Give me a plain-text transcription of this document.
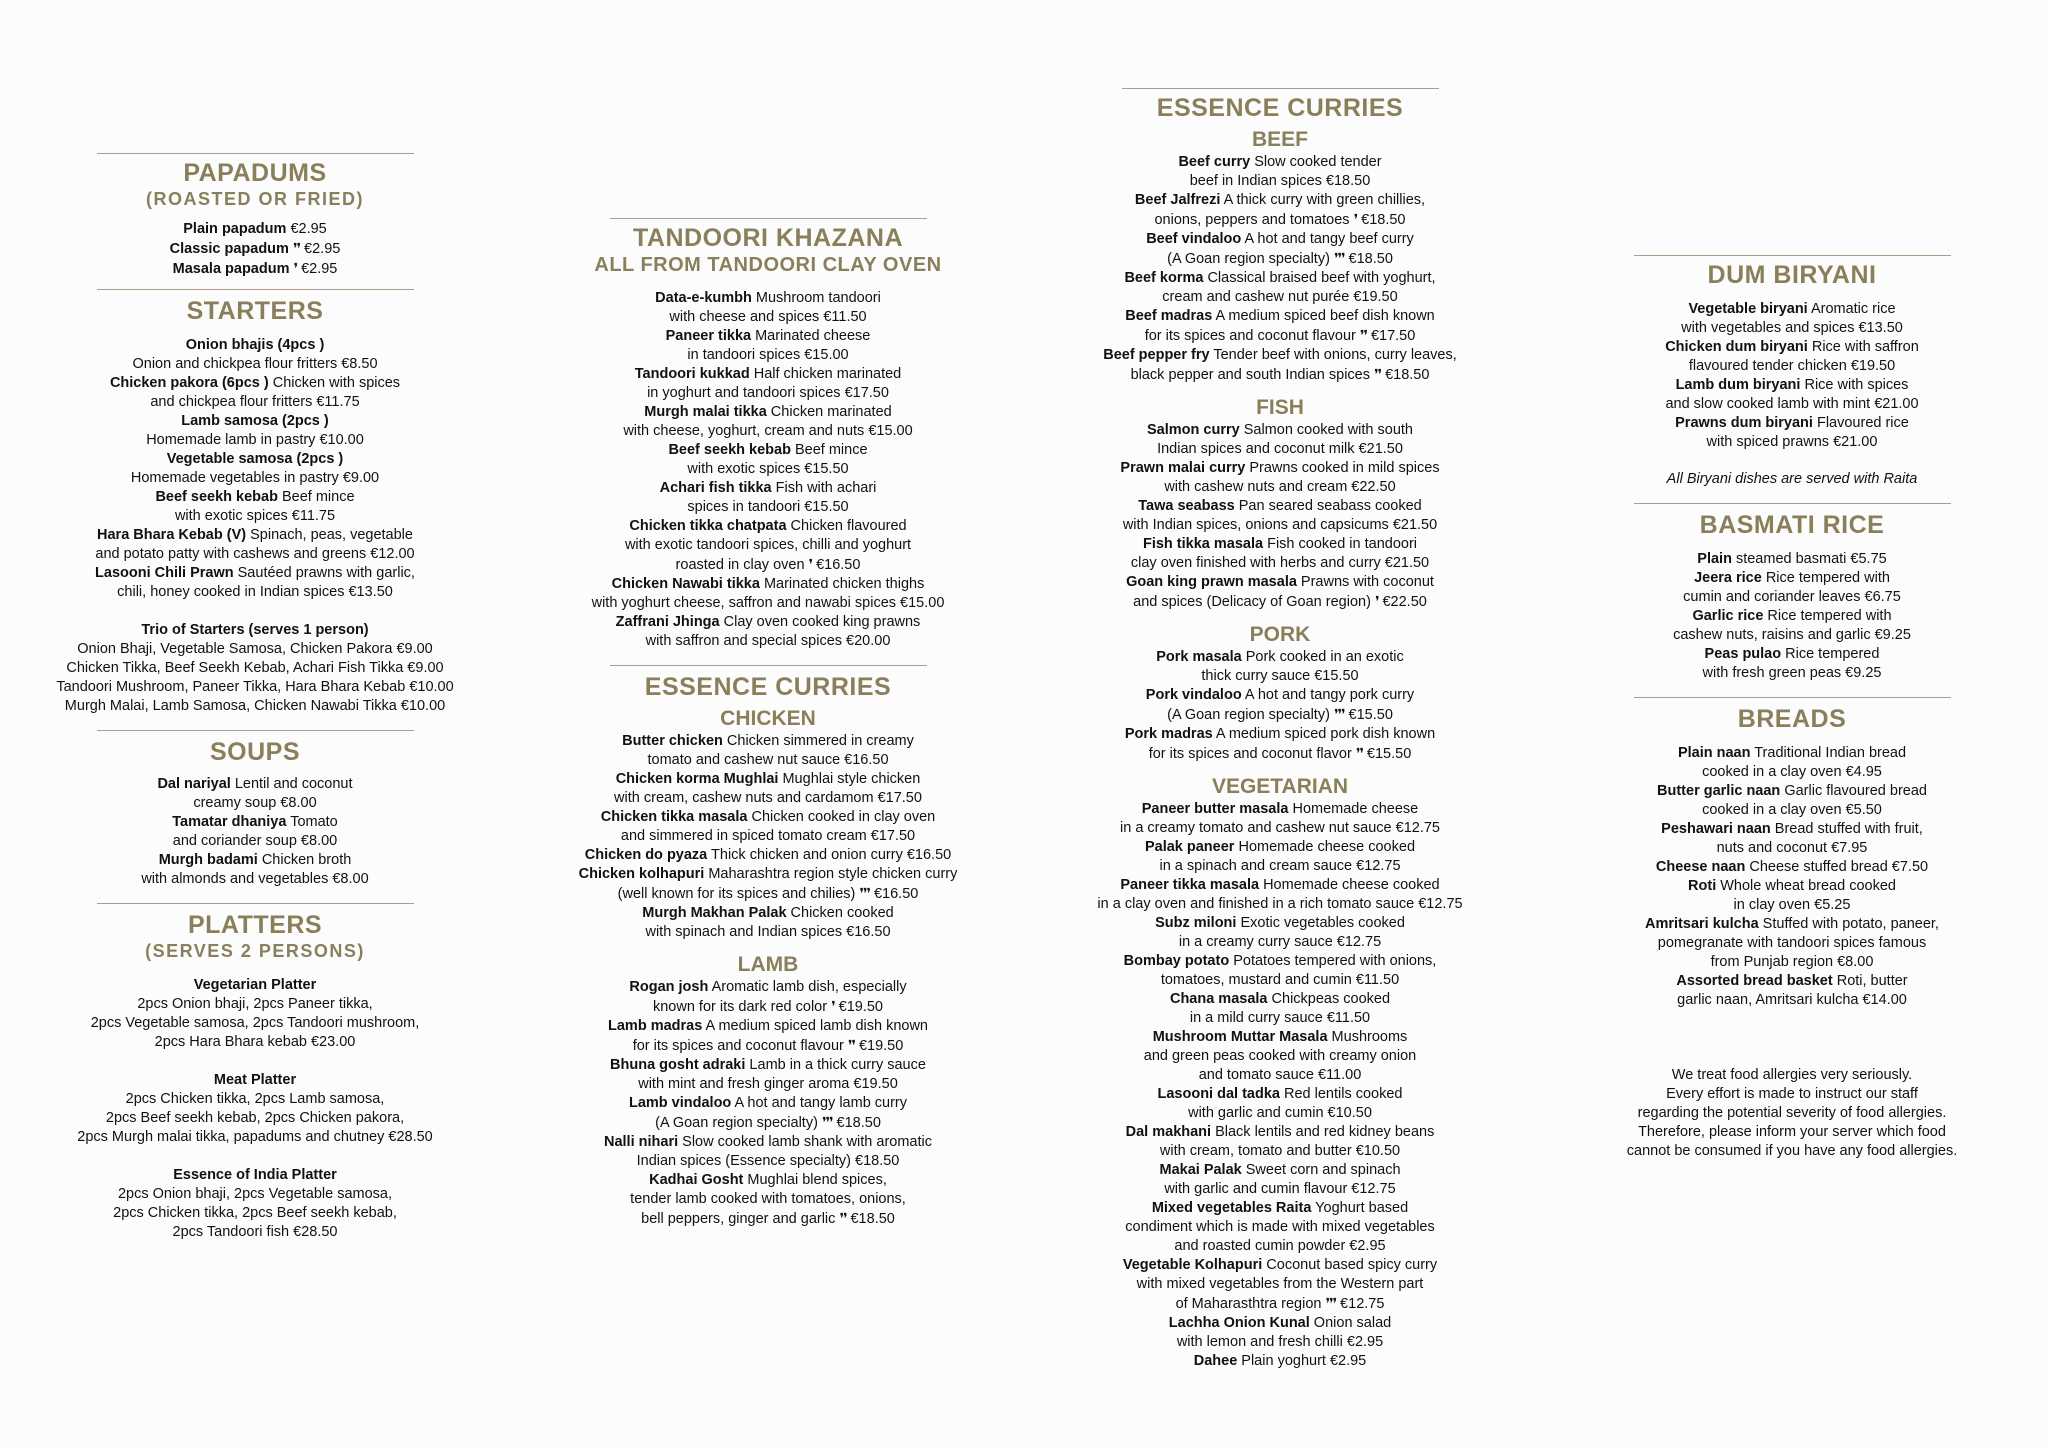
PAPADUMS
(ROASTED OR FRIED)
Plain papadum €2.95
Classic papadum ❜❜ €2.95
Masala papadum ❜ €2.95
STARTERS
Onion bhajis (4pcs )
Onion and chickpea flour fritters €8.50
Chicken pakora (6pcs ) Chicken with spices
and chickpea flour fritters €11.75
Lamb samosa (2pcs )
Homemade lamb in pastry €10.00
Vegetable samosa (2pcs )
Homemade vegetables in pastry €9.00
Beef seekh kebab Beef mince
with exotic spices €11.75
Hara Bhara Kebab (V) Spinach, peas, vegetable
and potato patty with cashews and greens €12.00
Lasooni Chili Prawn Sautéed prawns with garlic,
chili, honey cooked in Indian spices €13.50
Trio of Starters (serves 1 person)
Onion Bhaji, Vegetable Samosa, Chicken Pakora €9.00
Chicken Tikka, Beef Seekh Kebab, Achari Fish Tikka €9.00
Tandoori Mushroom, Paneer Tikka, Hara Bhara Kebab €10.00
Murgh Malai, Lamb Samosa, Chicken Nawabi Tikka €10.00
SOUPS
Dal nariyal Lentil and coconut
creamy soup €8.00
Tamatar dhaniya Tomato
and coriander soup €8.00
Murgh badami Chicken broth
with almonds and vegetables €8.00
PLATTERS
(SERVES 2 PERSONS)
Vegetarian Platter
2pcs Onion bhaji, 2pcs Paneer tikka,
2pcs Vegetable samosa, 2pcs Tandoori mushroom,
2pcs Hara Bhara kebab €23.00
Meat Platter
2pcs Chicken tikka, 2pcs Lamb samosa,
2pcs Beef seekh kebab, 2pcs Chicken pakora,
2pcs Murgh malai tikka, papadums and chutney €28.50
Essence of India Platter
2pcs Onion bhaji, 2pcs Vegetable samosa,
2pcs Chicken tikka, 2pcs Beef seekh kebab,
2pcs Tandoori fish €28.50
TANDOORI KHAZANA
ALL FROM TANDOORI CLAY OVEN
Data-e-kumbh Mushroom tandoori
with cheese and spices €11.50
Paneer tikka Marinated cheese
in tandoori spices €15.00
Tandoori kukkad Half chicken marinated
in yoghurt and tandoori spices €17.50
Murgh malai tikka Chicken marinated
with cheese, yoghurt, cream and nuts €15.00
Beef seekh kebab Beef mince
with exotic spices €15.50
Achari fish tikka Fish with achari
spices in tandoori €15.50
Chicken tikka chatpata Chicken flavoured
with exotic tandoori spices, chilli and yoghurt
roasted in clay oven ❜ €16.50
Chicken Nawabi tikka Marinated chicken thighs
with yoghurt cheese, saffron and nawabi spices €15.00
Zaffrani Jhinga Clay oven cooked king prawns
with saffron and special spices €20.00
ESSENCE CURRIES
CHICKEN
Butter chicken Chicken simmered in creamy
tomato and cashew nut sauce €16.50
Chicken korma Mughlai Mughlai style chicken
with cream, cashew nuts and cardamom €17.50
Chicken tikka masala Chicken cooked in clay oven
and simmered in spiced tomato cream €17.50
Chicken do pyaza Thick chicken and onion curry €16.50
Chicken kolhapuri Maharashtra region style chicken curry
(well known for its spices and chilies) ❜❜❜ €16.50
Murgh Makhan Palak Chicken cooked
with spinach and Indian spices €16.50
LAMB
Rogan josh Aromatic lamb dish, especially
known for its dark red color ❜ €19.50
Lamb madras A medium spiced lamb dish known
for its spices and coconut flavour ❜❜ €19.50
Bhuna gosht adraki Lamb in a thick curry sauce
with mint and fresh ginger aroma €19.50
Lamb vindaloo A hot and tangy lamb curry
(A Goan region specialty) ❜❜❜ €18.50
Nalli nihari Slow cooked lamb shank with aromatic
Indian spices (Essence specialty) €18.50
Kadhai Gosht Mughlai blend spices,
tender lamb cooked with tomatoes, onions,
bell peppers, ginger and garlic ❜❜ €18.50
ESSENCE CURRIES
BEEF
Beef curry Slow cooked tender
beef in Indian spices €18.50
Beef Jalfrezi A thick curry with green chillies,
onions, peppers and tomatoes ❜ €18.50
Beef vindaloo A hot and tangy beef curry
(A Goan region specialty) ❜❜❜ €18.50
Beef korma Classical braised beef with yoghurt,
cream and cashew nut purée €19.50
Beef madras A medium spiced beef dish known
for its spices and coconut flavour ❜❜ €17.50
Beef pepper fry Tender beef with onions, curry leaves,
black pepper and south Indian spices ❜❜ €18.50
FISH
Salmon curry Salmon cooked with south
Indian spices and coconut milk €21.50
Prawn malai curry Prawns cooked in mild spices
with cashew nuts and cream €22.50
Tawa seabass Pan seared seabass cooked
with Indian spices, onions and capsicums €21.50
Fish tikka masala Fish cooked in tandoori
clay oven finished with herbs and curry €21.50
Goan king prawn masala Prawns with coconut
and spices (Delicacy of Goan region) ❜ €22.50
PORK
Pork masala Pork cooked in an exotic
thick curry sauce €15.50
Pork vindaloo A hot and tangy pork curry
(A Goan region specialty) ❜❜❜ €15.50
Pork madras A medium spiced pork dish known
for its spices and coconut flavor ❜❜ €15.50
VEGETARIAN
Paneer butter masala Homemade cheese
in a creamy tomato and cashew nut sauce €12.75
Palak paneer Homemade cheese cooked
in a spinach and cream sauce €12.75
Paneer tikka masala Homemade cheese cooked
in a clay oven and finished in a rich tomato sauce €12.75
Subz miloni Exotic vegetables cooked
in a creamy curry sauce €12.75
Bombay potato Potatoes tempered with onions,
tomatoes, mustard and cumin €11.50
Chana masala Chickpeas cooked
in a mild curry sauce €11.50
Mushroom Muttar Masala Mushrooms
and green peas cooked with creamy onion
and tomato sauce €11.00
Lasooni dal tadka Red lentils cooked
with garlic and cumin €10.50
Dal makhani Black lentils and red kidney beans
with cream, tomato and butter €10.50
Makai Palak Sweet corn and spinach
with garlic and cumin flavour €12.75
Mixed vegetables Raita Yoghurt based
condiment which is made with mixed vegetables
and roasted cumin powder €2.95
Vegetable Kolhapuri Coconut based spicy curry
with mixed vegetables from the Western part
of Maharasthtra region ❜❜❜ €12.75
Lachha Onion Kunal Onion salad
with lemon and fresh chilli €2.95
Dahee Plain yoghurt €2.95
DUM BIRYANI
Vegetable biryani Aromatic rice
with vegetables and spices €13.50
Chicken dum biryani Rice with saffron
flavoured tender chicken €19.50
Lamb dum biryani Rice with spices
and slow cooked lamb with mint €21.00
Prawns dum biryani Flavoured rice
with spiced prawns €21.00
All Biryani dishes are served with Raita
BASMATI RICE
Plain steamed basmati €5.75
Jeera rice Rice tempered with
cumin and coriander leaves €6.75
Garlic rice Rice tempered with
cashew nuts, raisins and garlic €9.25
Peas pulao Rice tempered
with fresh green peas €9.25
BREADS
Plain naan Traditional Indian bread
cooked in a clay oven €4.95
Butter garlic naan Garlic flavoured bread
cooked in a clay oven €5.50
Peshawari naan Bread stuffed with fruit,
nuts and coconut €7.95
Cheese naan Cheese stuffed bread €7.50
Roti Whole wheat bread cooked
in clay oven €5.25
Amritsari kulcha Stuffed with potato, paneer,
pomegranate with tandoori spices famous
from Punjab region €8.00
Assorted bread basket Roti, butter
garlic naan, Amritsari kulcha €14.00
We treat food allergies very seriously.
Every effort is made to instruct our staff
regarding the potential severity of food allergies.
Therefore, please inform your server which food
cannot be consumed if you have any food allergies.
